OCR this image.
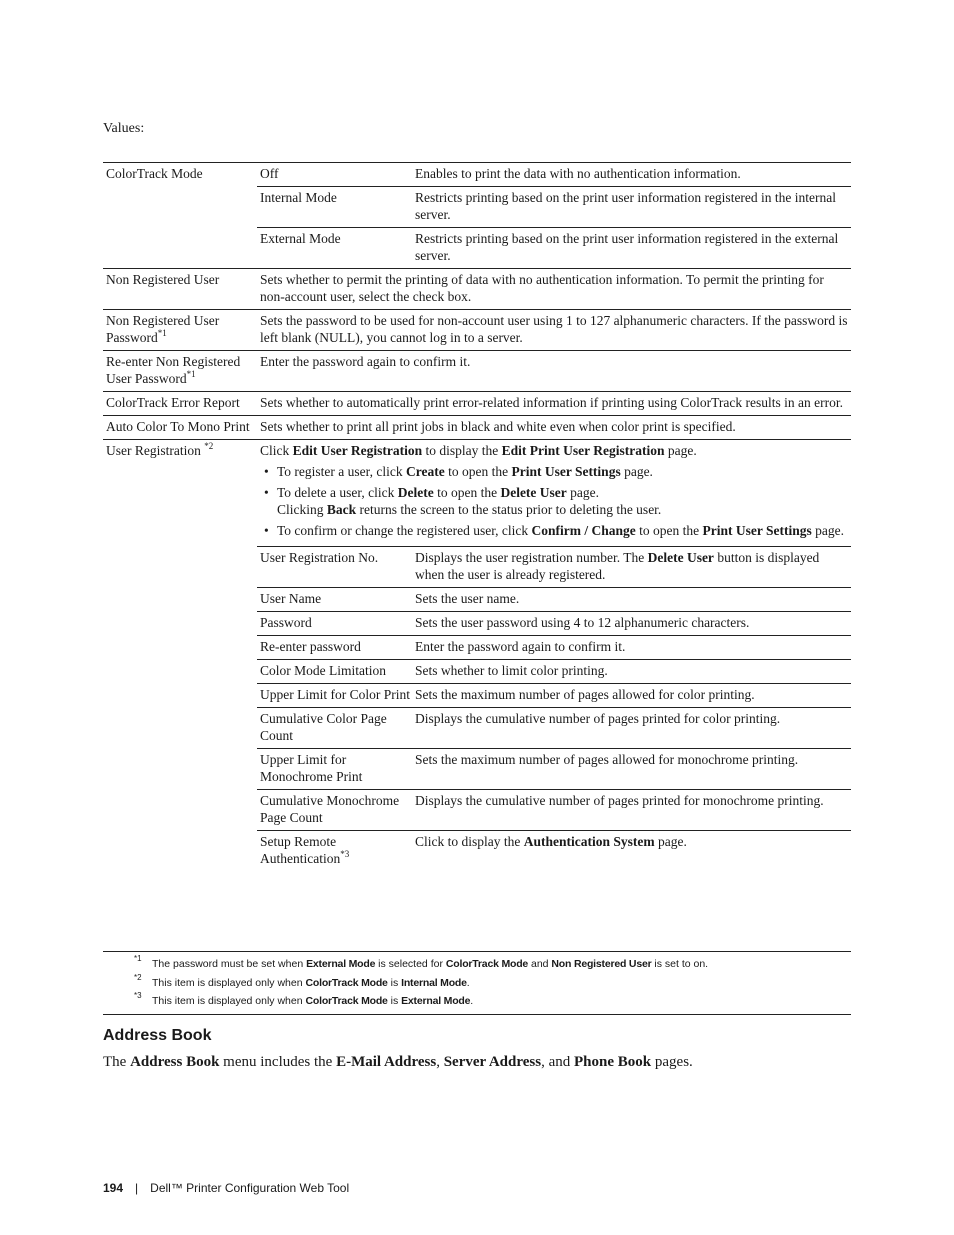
Values:
ColorTrack Mode	Off	Enables to print the data with no authentication information.
	Internal Mode	Restricts printing based on the print user information registered in the internal server.
	External Mode	Restricts printing based on the print user information registered in the external server.
Non Registered User	Sets whether to permit the printing of data with no authentication information. To permit the printing for non-account user, select the check box.	
Non Registered User Password$^{*1}$	Sets the password to be used for non-account user using 1 to 127 alphanumeric characters. If the password is left blank (NULL), you cannot log in to a server.	
Re-enter Non Registered User Password$^{*1}$	Enter the password again to confirm it.	
ColorTrack Error Report	Sets whether to automatically print error-related information if printing using ColorTrack results in an error.	
Auto Color To Mono Print	Sets whether to print all print jobs in black and white even when color print is specified.	
User Registration $^{*2}$	Click Edit User Registration to display the Edit Print User Registration page.
• To register a user, click Create to open the Print User Settings page.
• To delete a user, click Delete to open the Delete User page.
Clicking Back returns the screen to the status prior to deleting the user.
• To confirm or change the registered user, click Confirm / Change to open the Print User Settings page.

	User Registration No.	Displays the user registration number. The Delete User button is displayed when the user is already registered.
	User Name	Sets the user name.
	Password	Sets the user password using 4 to 12 alphanumeric characters.
	Re-enter password	Enter the password again to confirm it.
	Color Mode Limitation	Sets whether to limit color printing.
	Upper Limit for Color Print	Sets the maximum number of pages allowed for color printing.
	Cumulative Color Page Count	Displays the cumulative number of pages printed for color printing.
	Upper Limit for Monochrome Print	Sets the maximum number of pages allowed for monochrome printing.
	Cumulative Monochrome Page Count	Displays the cumulative number of pages printed for monochrome printing.
	Setup Remote Authentication$^{*3}$	Click to display the Authentication System page.
*1 The password must be set when External Mode is selected for ColorTrack Mode and Non Registered User is set to on.
*2 This item is displayed only when ColorTrack Mode is Internal Mode.
*3 This item is displayed only when ColorTrack Mode is External Mode.
Address Book
The Address Book menu includes the E-Mail Address, Server Address, and Phone Book pages.
194 | Dell™ Printer Configuration Web Tool
